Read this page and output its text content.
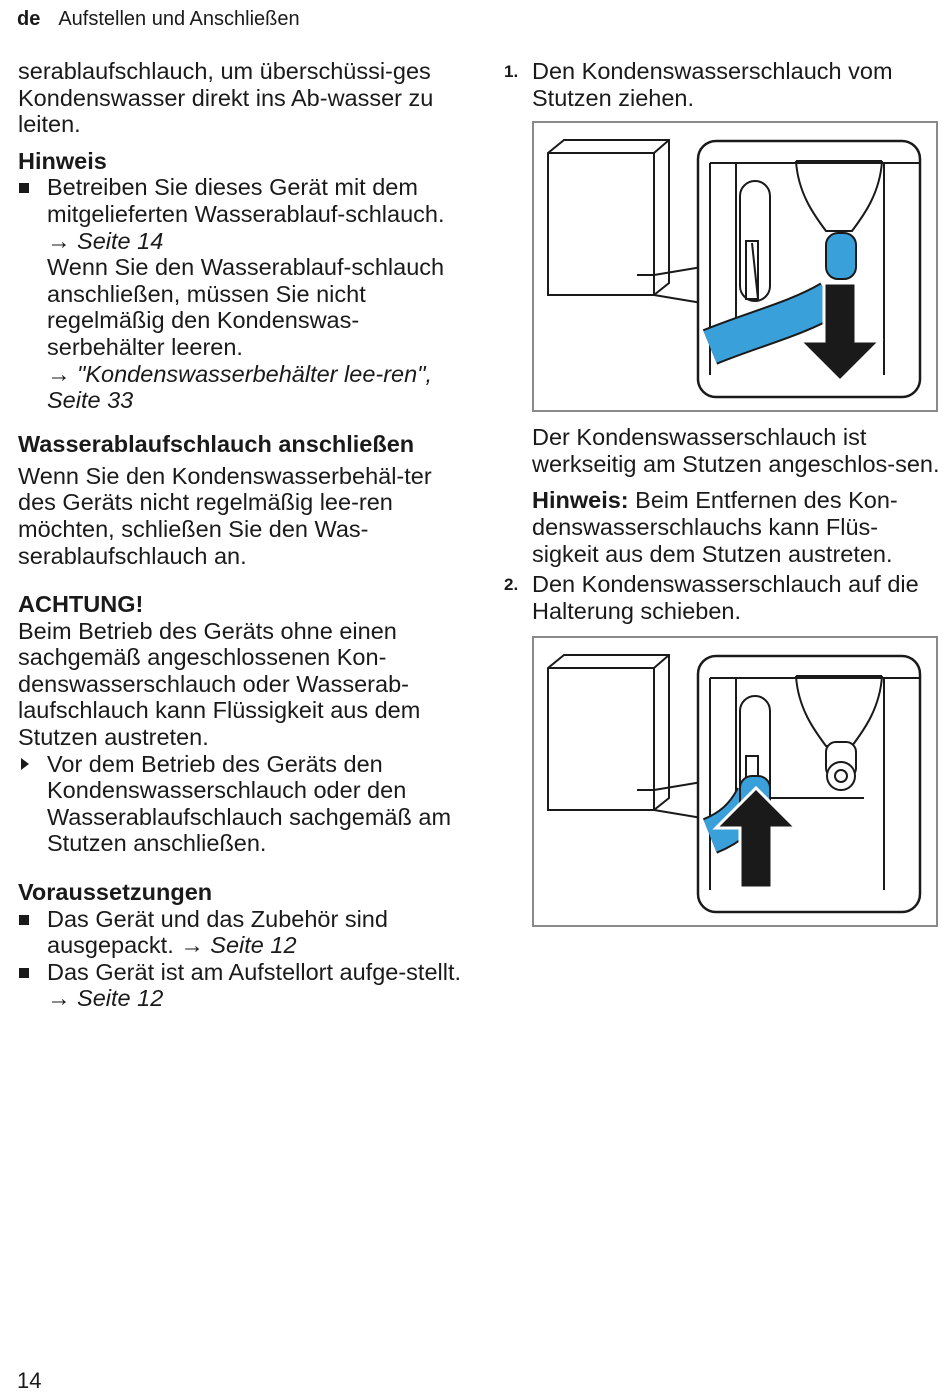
de Aufstellen und Anschließen

serablaufschlauch, um überschüssi-ges Kondenswasser direkt ins Ab-wasser zu leiten.

Hinweis
Betreiben Sie dieses Gerät mit dem mitgelieferten Wasserablauf-schlauch. → Seite 14
Wenn Sie den Wasserablauf-schlauch anschließen, müssen Sie nicht regelmäßig den Kondenswas-serbehälter leeren.
→ "Kondenswasserbehälter lee-ren", Seite 33
Wasserablaufschlauch anschließen

Wenn Sie den Kondenswasserbehäl-ter des Geräts nicht regelmäßig lee-ren möchten, schließen Sie den Was-serablaufschlauch an.

ACHTUNG!

Beim Betrieb des Geräts ohne einen sachgemäß angeschlossenen Kon-denswasserschlauch oder Wasserab-laufschlauch kann Flüssigkeit aus dem Stutzen austreten.

Vor dem Betrieb des Geräts den Kondenswasserschlauch oder den Wasserablaufschlauch sachgemäß am Stutzen anschließen.
Voraussetzungen
Das Gerät und das Zubehör sind ausgepackt. → Seite 12
Das Gerät ist am Aufstellort aufge-stellt. → Seite 12
1. Den Kondenswasserschlauch vom Stutzen ziehen.

Der Kondenswasserschlauch ist werkseitig am Stutzen angeschlos-sen.

Hinweis: Beim Entfernen des Kon-denswasserschlauchs kann Flüs-sigkeit aus dem Stutzen austreten.

2. Den Kondenswasserschlauch auf die Halterung schieben.
14
